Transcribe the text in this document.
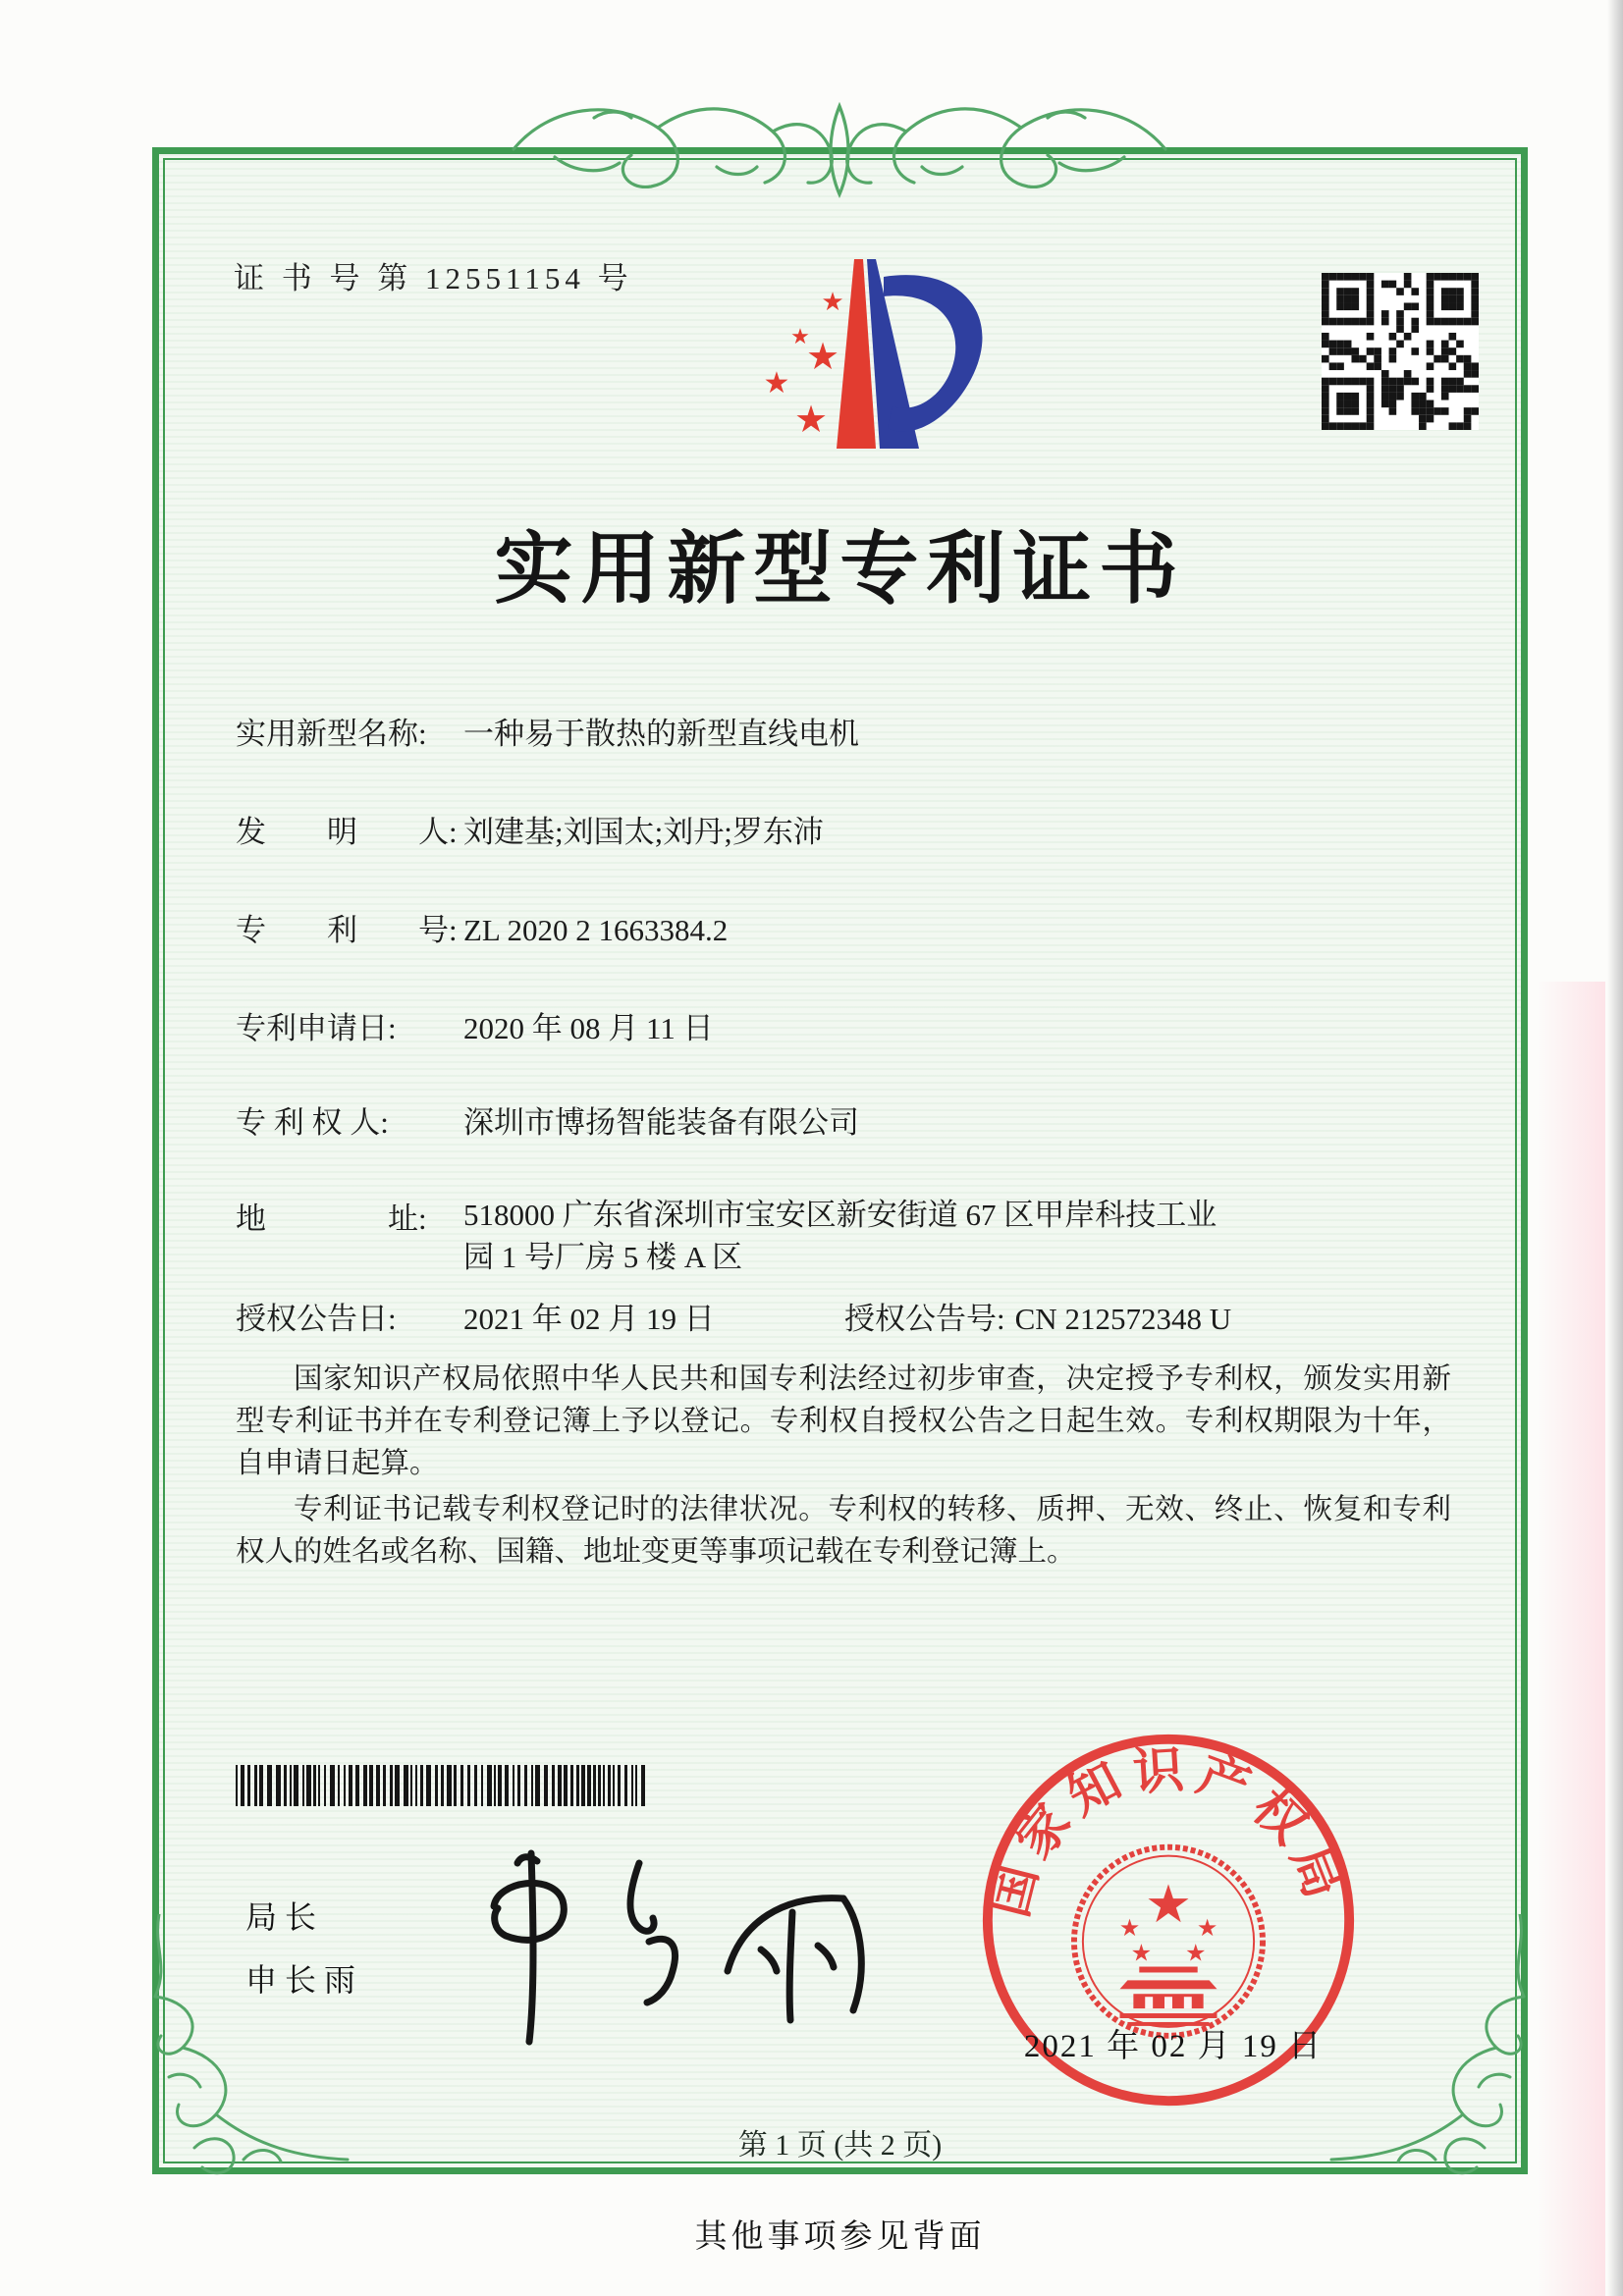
证 书 号 第 12551154 号
★
★
★
★
★
实用新型专利证书
实用新型名称: 一种易于散热的新型直线电机
发　　明　　人: 刘建基;刘国太;刘丹;罗东沛
专　　利　　号: ZL 2020 2 1663384.2
专利申请日: 2020 年 08 月 11 日
专 利 权 人: 深圳市博扬智能装备有限公司
地　　　　址: 518000 广东省深圳市宝安区新安街道 67 区甲岸科技工业园 1 号厂房 5 楼 A 区
授权公告日: 2021 年 02 月 19 日	授权公告号: CN 212572348 U

国家知识产权局依照中华人民共和国专利法经过初步审查，决定授予专利权，颁发实用新型专利证书并在专利登记簿上予以登记。专利权自授权公告之日起生效。专利权期限为十年，自申请日起算。

专利证书记载专利权登记时的法律状况。专利权的转移、质押、无效、终止、恢复和专利权人的姓名或名称、国籍、地址变更等事项记载在专利登记簿上。

局长
申长雨
国家知识产权局
★
★ ★
★ ★
2021 年 02 月 19 日
第 1 页 (共 2 页)
其他事项参见背面
